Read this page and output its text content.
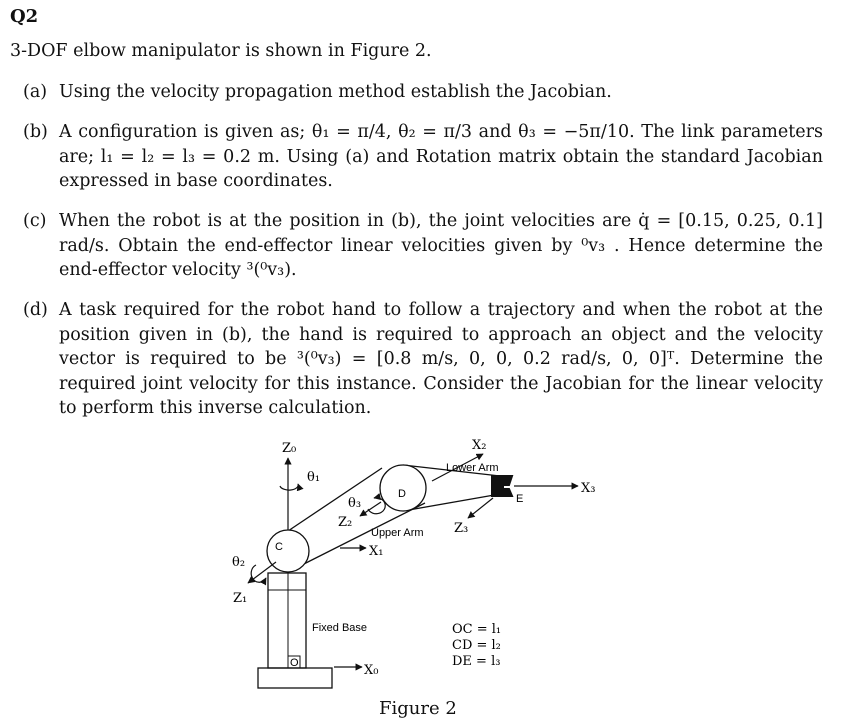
Q2
3-DOF elbow manipulator is shown in Figure 2.
(a) Using the velocity propagation method establish the Jacobian.
(b) A configuration is given as; θ₁ = π/4, θ₂ = π/3 and θ₃ = −5π/10. The link parameters are; l₁ = l₂ = l₃ = 0.2 m. Using (a) and Rotation matrix obtain the standard Jacobian expressed in base coordinates.
(c) When the robot is at the position in (b), the joint velocities are q̇ = [0.15, 0.25, 0.1] rad/s. Obtain the end-effector linear velocities given by ⁰v₃ . Hence determine the end-effector velocity ³(⁰v₃).
(d) A task required for the robot hand to follow a trajectory and when the robot at the position given in (b), the hand is required to approach an object and the velocity vector is required to be ³(⁰v₃) = [0.8 m/s, 0, 0, 0.2 rad/s, 0, 0]ᵀ. Determine the required joint velocity for this instance. Consider the Jacobian for the linear velocity to perform this inverse calculation.
Z₀
θ₁
θ₂
Z₁
θ₃
Z₂
Upper Arm
X₁
C
D
X₂
Lower Arm
E
X₃
Z₃
Fixed Base
O	X₀
OC = l₁
CD = l₂
DE = l₃
Figure 2
